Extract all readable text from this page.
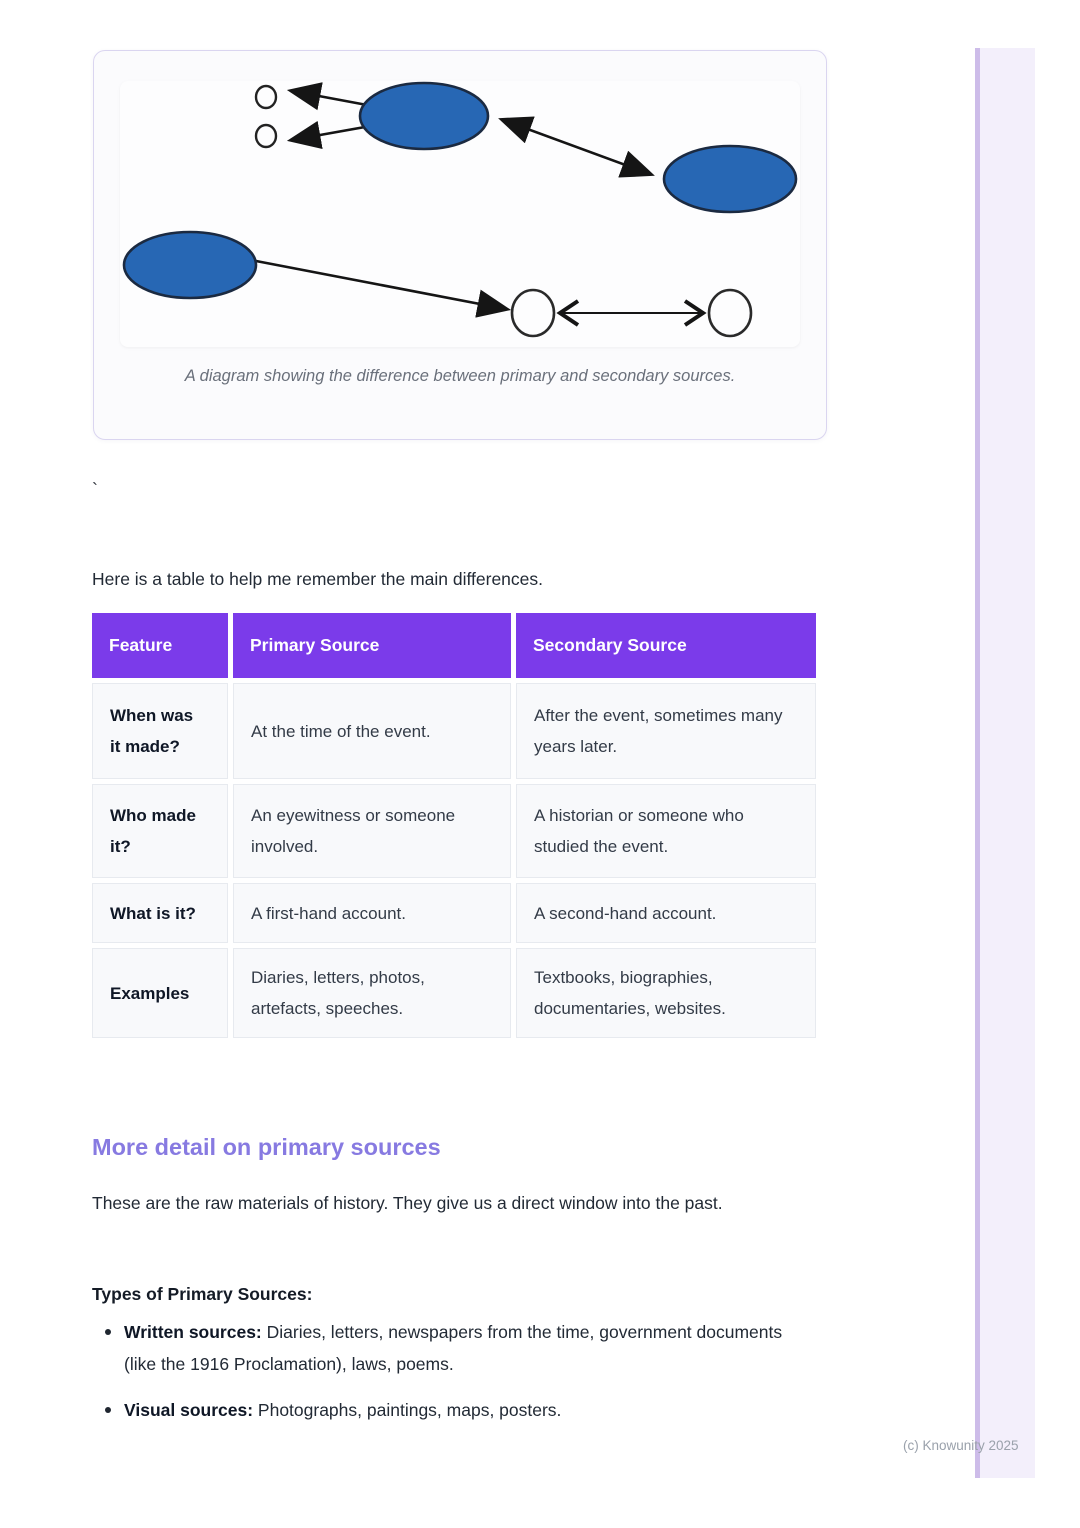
A diagram showing the difference between primary and secondary sources.
`

Here is a table to help me remember the main differences.

Feature	Primary Source	Secondary Source
When was it made?	At the time of the event.	After the event, sometimes many years later.
Who made it?	An eyewitness or someone involved.	A historian or someone who studied the event.
What is it?	A first-hand account.	A second-hand account.
Examples	Diaries, letters, photos, artefacts, speeches.	Textbooks, biographies, documentaries, websites.
More detail on primary sources

These are the raw materials of history. They give us a direct window into the past.

Types of Primary Sources:

Written sources: Diaries, letters, newspapers from the time, government documents (like the 1916 Proclamation), laws, poems.
Visual sources: Photographs, paintings, maps, posters.
(c) Knowunity 2025
